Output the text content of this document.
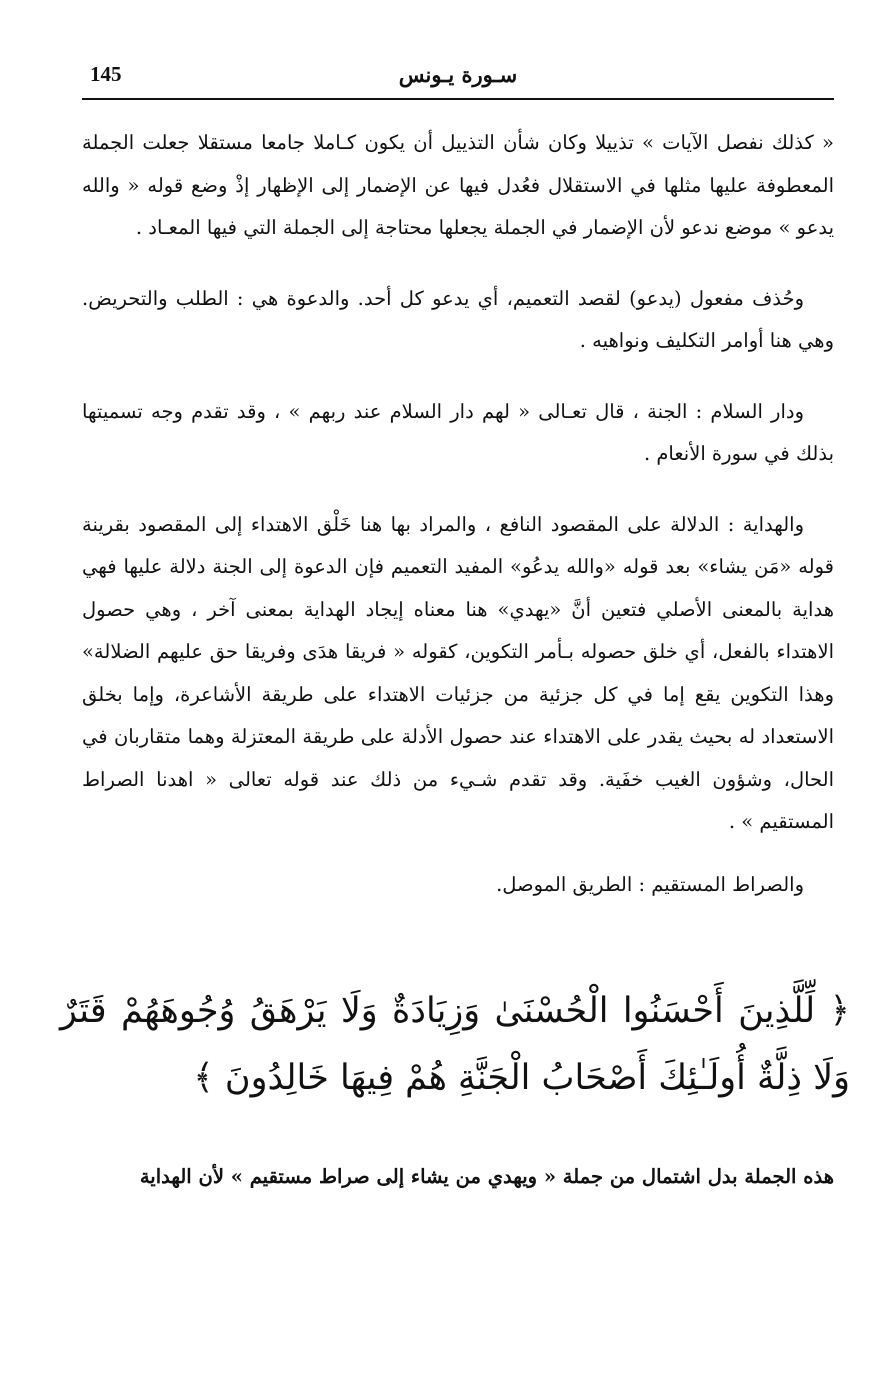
145	سـورة يـونس

« كذلك نفصل الآيات » تذييلا وكان شأن التذييل أن يكون كـاملا جامعا مستقلا جعلت الجملة المعطوفة عليها مثلها في الاستقلال فعُدل فيها عن الإضمار إلى الإظهار إذْ وضع قوله « والله يدعو » موضع ندعو لأن الإضمار في الجملة يجعلها محتاجة إلى الجملة التي فيها المعـاد .

وحُذف مفعول (يدعو) لقصد التعميم، أي يدعو كل أحد. والدعوة هي : الطلب والتحريض. وهي هنا أوامر التكليف ونواهيه .

ودار السلام : الجنة ، قال تعـالى « لهم دار السلام عند ربهم » ، وقد تقدم وجه تسميتها بذلك في سورة الأنعام .

والهداية : الدلالة على المقصود النافع ، والمراد بها هنا خَلْق الاهتداء إلى المقصود بقرينة قوله «مَن يشاء» بعد قوله «والله يدعُو» المفيد التعميم فإن الدعوة إلى الجنة دلالة عليها فهي هداية بالمعنى الأصلي فتعين أنَّ «يهدي» هنا معناه إيجاد الهداية بمعنى آخر ، وهي حصول الاهتداء بالفعل، أي خلق حصوله بـأمر التكوين، كقوله « فريقا هدَى وفريقا حق عليهم الضلالة» وهذا التكوين يقع إما في كل جزئية من جزئيات الاهتداء على طريقة الأشاعرة، وإما بخلق الاستعداد له بحيث يقدر على الاهتداء عند حصول الأدلة على طريقة المعتزلة وهما متقاربان في الحال، وشؤون الغيب خفَية. وقد تقدم شـيء من ذلك عند قوله تعالى « اهدنا الصراط المستقيم » .

والصراط المستقيم : الطريق الموصل.

﴿ لِّلَّذِينَ أَحْسَنُوا الْحُسْنَىٰ وَزِيَادَةٌ وَلَا يَرْهَقُ وُجُوهَهُمْ قَتَرٌ وَلَا ذِلَّةٌ أُولَـٰئِكَ أَصْحَابُ الْجَنَّةِ هُمْ فِيهَا خَالِدُونَ ﴾
هذه الجملة بدل اشتمال من جملة « ويهدي من يشاء إلى صراط مستقيم » لأن الهداية
